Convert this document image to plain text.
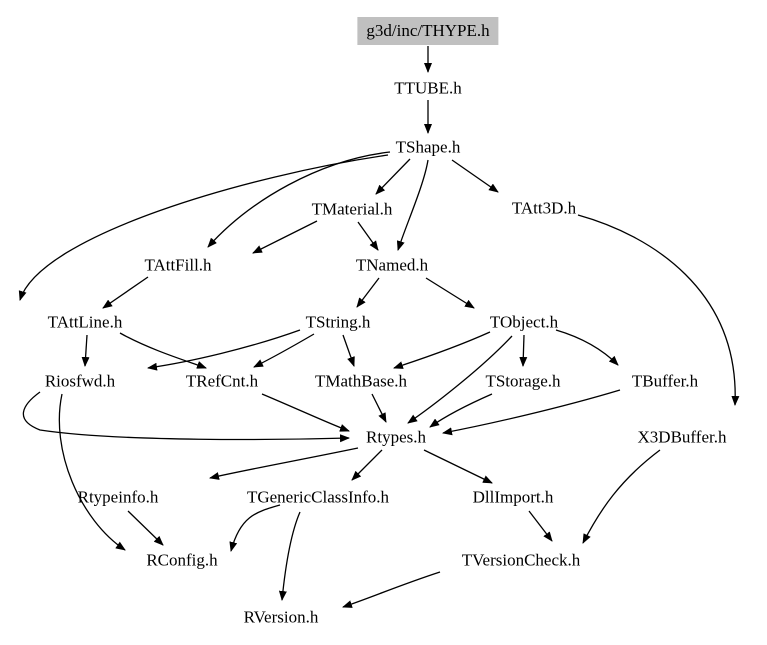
g3d/inc/THYPE.h
TTUBE.h
TShape.h
TMaterial.h	TAtt3D.h
TAttFill.h	TNamed.h
TAttLine.h	TString.h	TObject.h
Riosfwd.h	TRefCnt.h	TMathBase.h	TStorage.h	TBuffer.h
Rtypes.h	X3DBuffer.h
Rtypeinfo.h	TGenericClassInfo.h	DllImport.h
RConfig.h	TVersionCheck.h
RVersion.h
